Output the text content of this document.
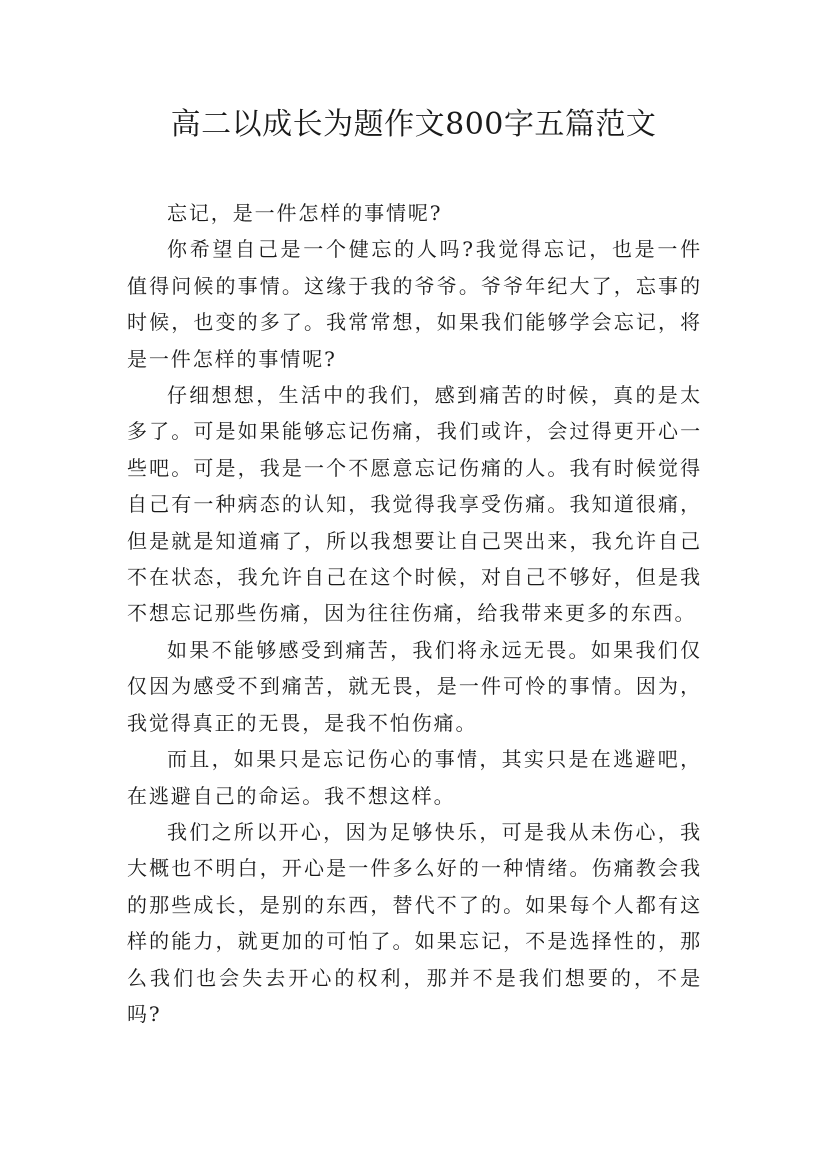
高二以成长为题作文800字五篇范文

忘记，是一件怎样的事情呢?

你希望自己是一个健忘的人吗?我觉得忘记，也是一件值得问候的事情。这缘于我的爷爷。爷爷年纪大了，忘事的时候，也变的多了。我常常想，如果我们能够学会忘记，将是一件怎样的事情呢?

仔细想想，生活中的我们，感到痛苦的时候，真的是太多了。可是如果能够忘记伤痛，我们或许，会过得更开心一些吧。可是，我是一个不愿意忘记伤痛的人。我有时候觉得自己有一种病态的认知，我觉得我享受伤痛。我知道很痛，但是就是知道痛了，所以我想要让自己哭出来，我允许自己不在状态，我允许自己在这个时候，对自己不够好，但是我不想忘记那些伤痛，因为往往伤痛，给我带来更多的东西。

如果不能够感受到痛苦，我们将永远无畏。如果我们仅仅因为感受不到痛苦，就无畏，是一件可怜的事情。因为，我觉得真正的无畏，是我不怕伤痛。

而且，如果只是忘记伤心的事情，其实只是在逃避吧，在逃避自己的命运。我不想这样。

我们之所以开心，因为足够快乐，可是我从未伤心，我大概也不明白，开心是一件多么好的一种情绪。伤痛教会我的那些成长，是别的东西，替代不了的。如果每个人都有这样的能力，就更加的可怕了。如果忘记，不是选择性的，那么我们也会失去开心的权利，那并不是我们想要的，不是吗?
